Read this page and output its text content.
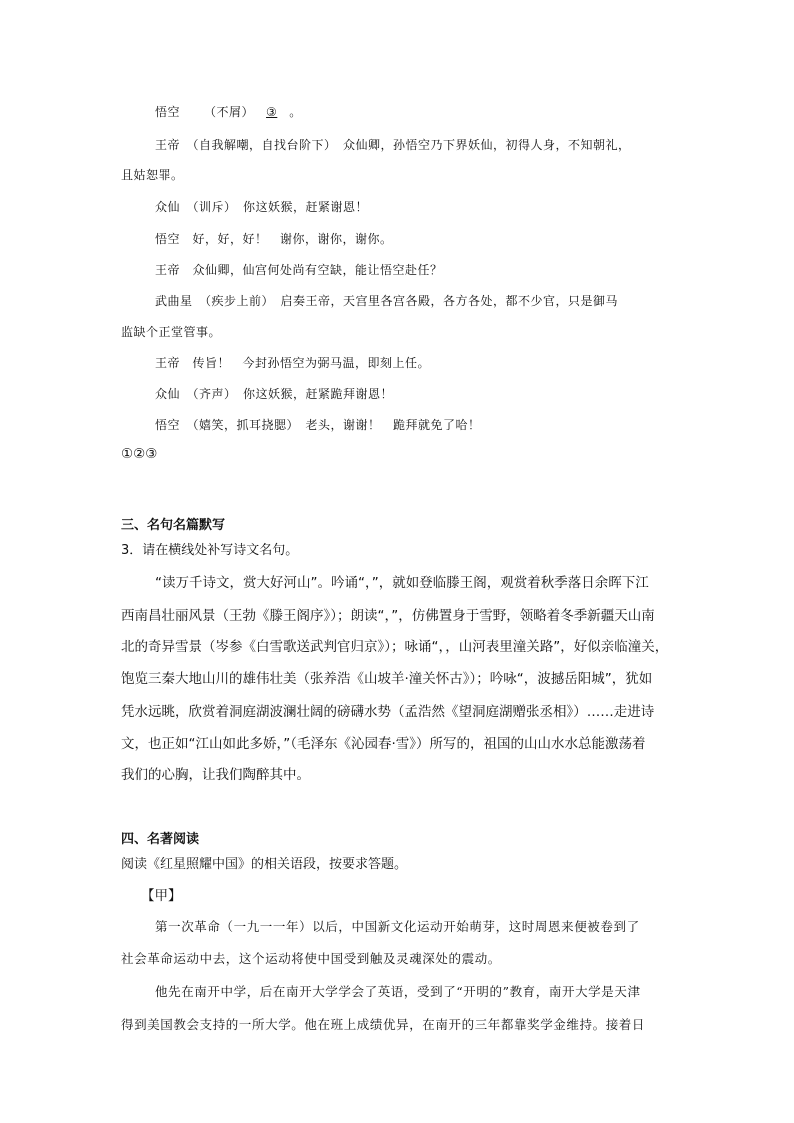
悟空 （不屑） ③ 。
王帝　（自我解嘲，自找台阶下）　众仙卿，孙悟空乃下界妖仙，初得人身，不知朝礼，
且姑恕罪。
众仙　（训斥）　你这妖猴，赶紧谢恩！
悟空　好，好，好！　谢你，谢你，谢你。
王帝　众仙卿，仙宫何处尚有空缺，能让悟空赴任？
武曲星　（疾步上前）　启奏王帝，天宫里各宫各殿，各方各处，都不少官，只是御马
监缺个正堂管事。
王帝　传旨！　今封孙悟空为弼马温，即刻上任。
众仙　（齐声）　你这妖猴，赶紧跪拜谢恩！
悟空　（嬉笑，抓耳挠腮）　老头，谢谢！　跪拜就免了哈！
①②③
三、名句名篇默写
3．请在横线处补写诗文名句。
“读万千诗文，赏大好河山”。吟诵“，”，就如登临滕王阁，观赏着秋季落日余晖下江
西南昌壮丽风景（王勃《滕王阁序》）；朗读“，”，仿佛置身于雪野，领略着冬季新疆天山南
北的奇异雪景（岑参《白雪歌送武判官归京》）；咏诵“，，山河表里潼关路”，好似亲临潼关，
饱览三秦大地山川的雄伟壮美（张养浩《山坡羊·潼关怀古》）；吟咏“，波撼岳阳城”，犹如
凭水远眺，欣赏着洞庭湖波澜壮阔的磅礴水势（孟浩然《望洞庭湖赠张丞相》）……走进诗
文，也正如“江山如此多娇，”（毛泽东《沁园春·雪》）所写的，祖国的山山水水总能激荡着
我们的心胸，让我们陶醉其中。
四、名著阅读
阅读《红星照耀中国》的相关语段，按要求答题。
【甲】
第一次革命（一九一一年）以后，中国新文化运动开始萌芽，这时周恩来便被卷到了
社会革命运动中去，这个运动将使中国受到触及灵魂深处的震动。
他先在南开中学，后在南开大学学会了英语，受到了“开明的”教育，南开大学是天津
得到美国教会支持的一所大学。他在班上成绩优异，在南开的三年都靠奖学金维持。接着日
